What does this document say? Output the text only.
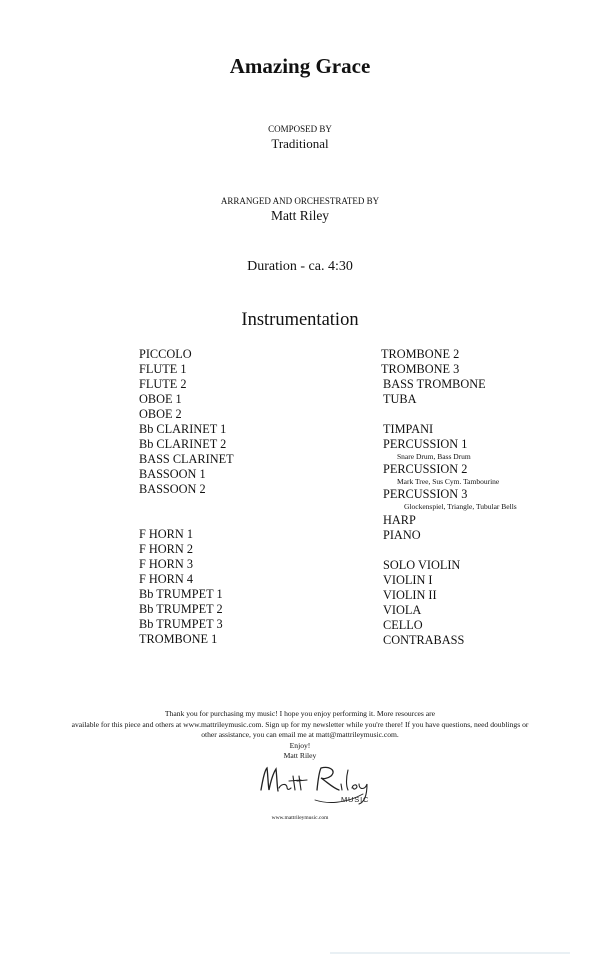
Amazing Grace
COMPOSED BY
Traditional
ARRANGED AND ORCHESTRATED BY
Matt Riley
Duration - ca. 4:30
Instrumentation
PICCOLO
FLUTE 1
FLUTE 2
OBOE 1
OBOE 2
Bb CLARINET 1
Bb CLARINET 2
BASS CLARINET
BASSOON 1
BASSOON 2
F HORN 1
F HORN 2
F HORN 3
F HORN 4
Bb TRUMPET 1
Bb TRUMPET 2
Bb TRUMPET 3
TROMBONE 1
TROMBONE 2
TROMBONE 3
BASS TROMBONE
TUBA
TIMPANI
PERCUSSION 1
Snare Drum, Bass Drum
PERCUSSION 2
Mark Tree, Sus Cym. Tambourine
PERCUSSION 3
Glockenspiel, Triangle, Tubular Bells
HARP
PIANO
SOLO VIOLIN
VIOLIN I
VIOLIN II
VIOLA
CELLO
CONTRABASS
Thank you for purchasing my music! I hope you enjoy performing it. More resources are
available for this piece and others at www.mattrileymusic.com. Sign up for my newsletter while you're there! If you have questions, need doublings or
other assistance, you can email me at matt@mattrileymusic.com.
Enjoy!
Matt Riley
Matt Riley
MUSIC
www.mattrileymusic.com
